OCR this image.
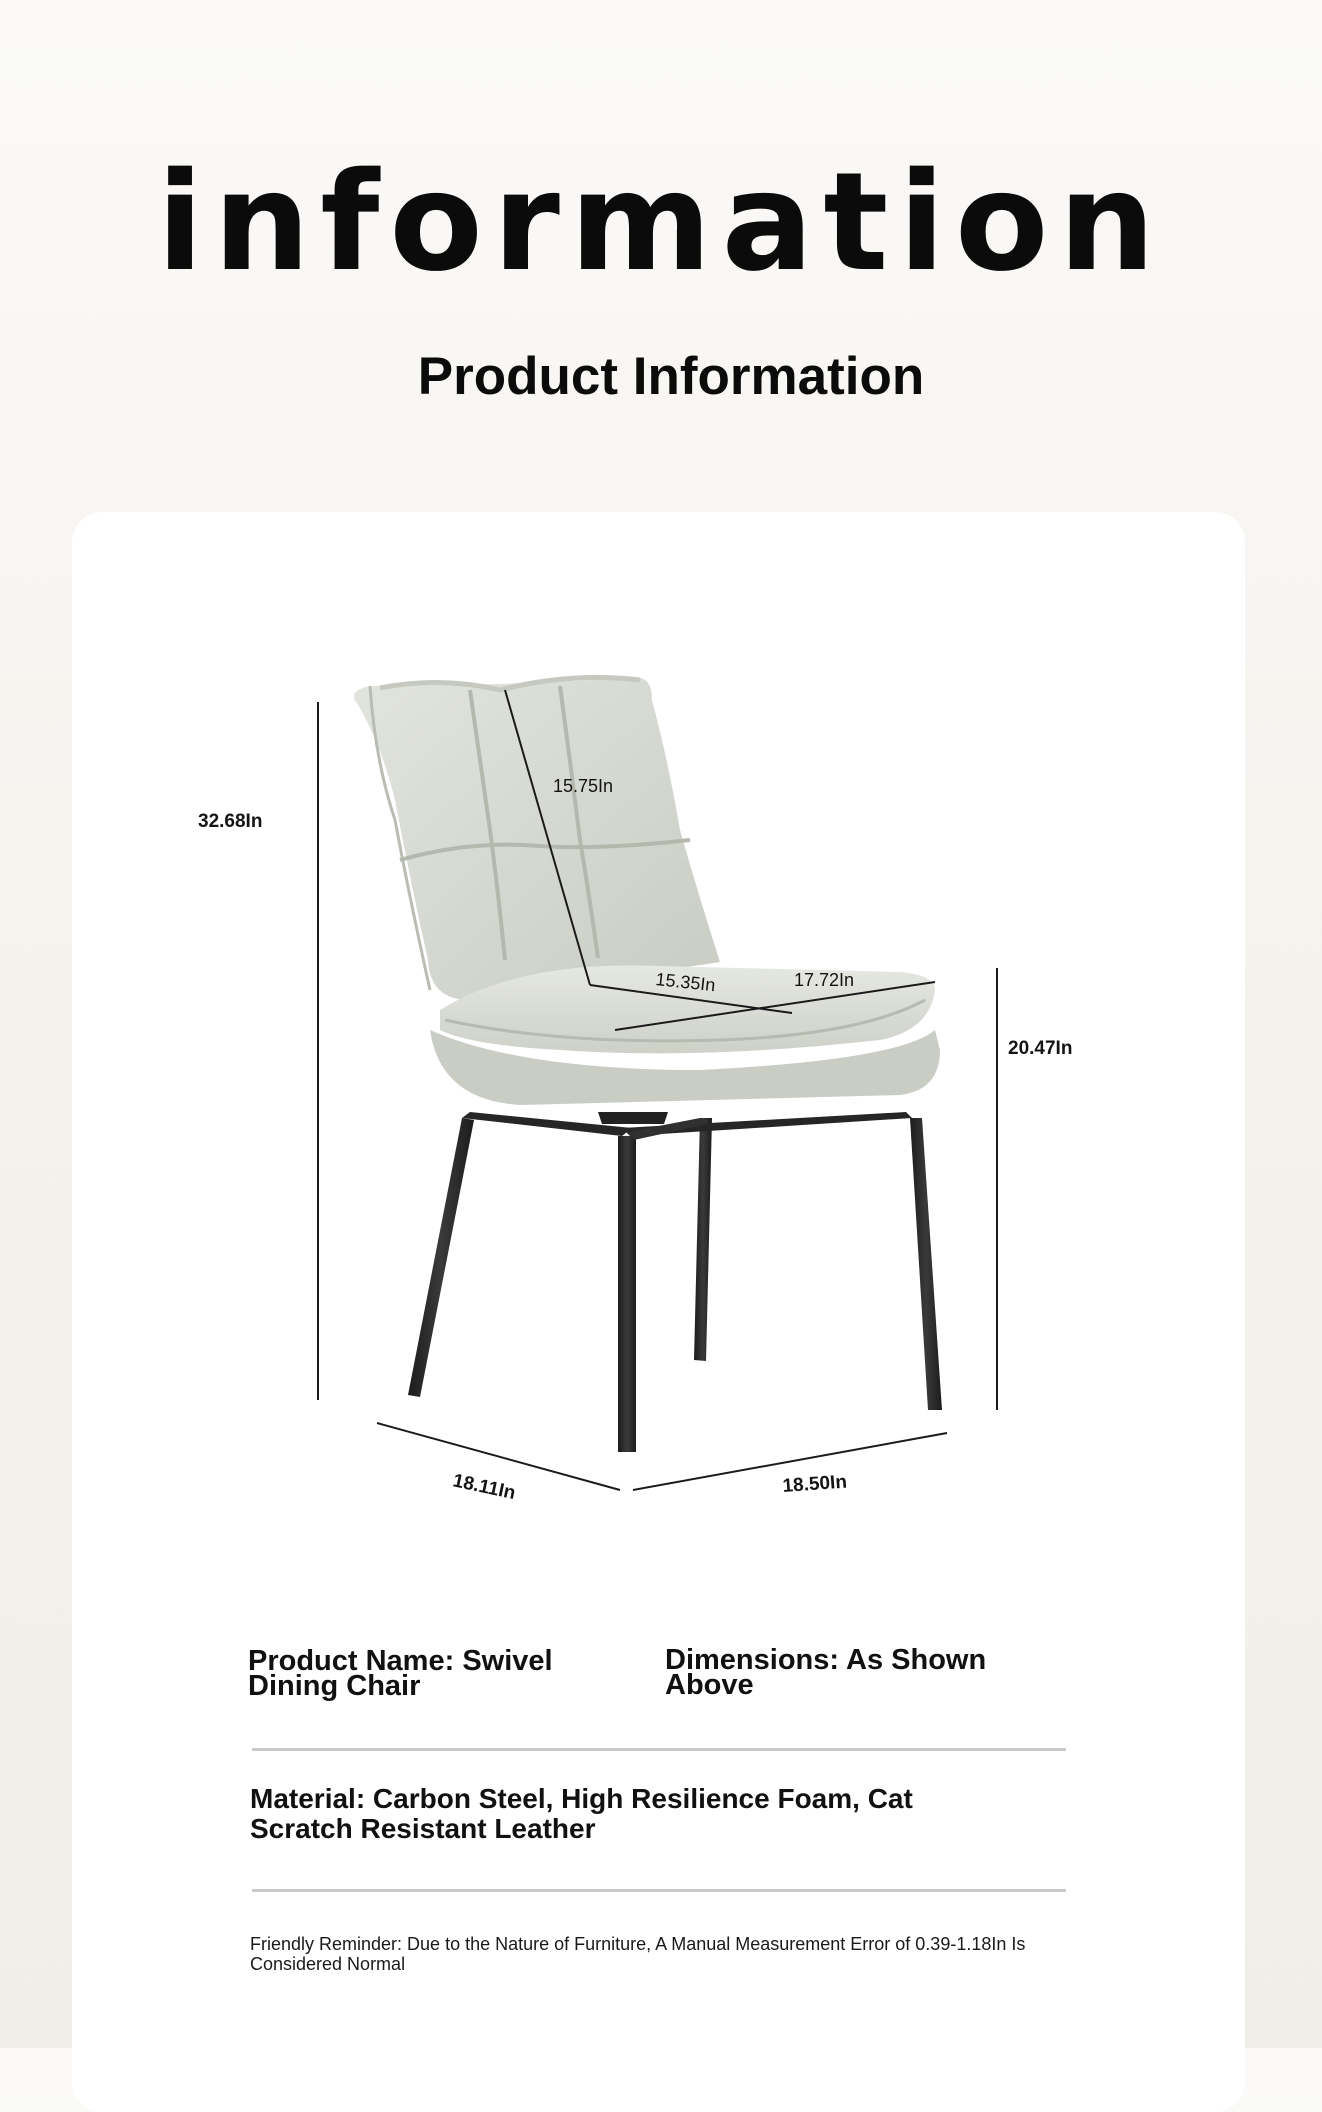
information
Product Information
32.68In
15.75In
15.35In	17.72In
20.47In
18.11In	18.50In
Product Name: Swivel Dining Chair
Dimensions: As Shown Above
Material: Carbon Steel, High Resilience Foam, Cat Scratch Resistant Leather
Friendly Reminder: Due to the Nature of Furniture, A Manual Measurement Error of 0.39-1.18In Is Considered Normal
